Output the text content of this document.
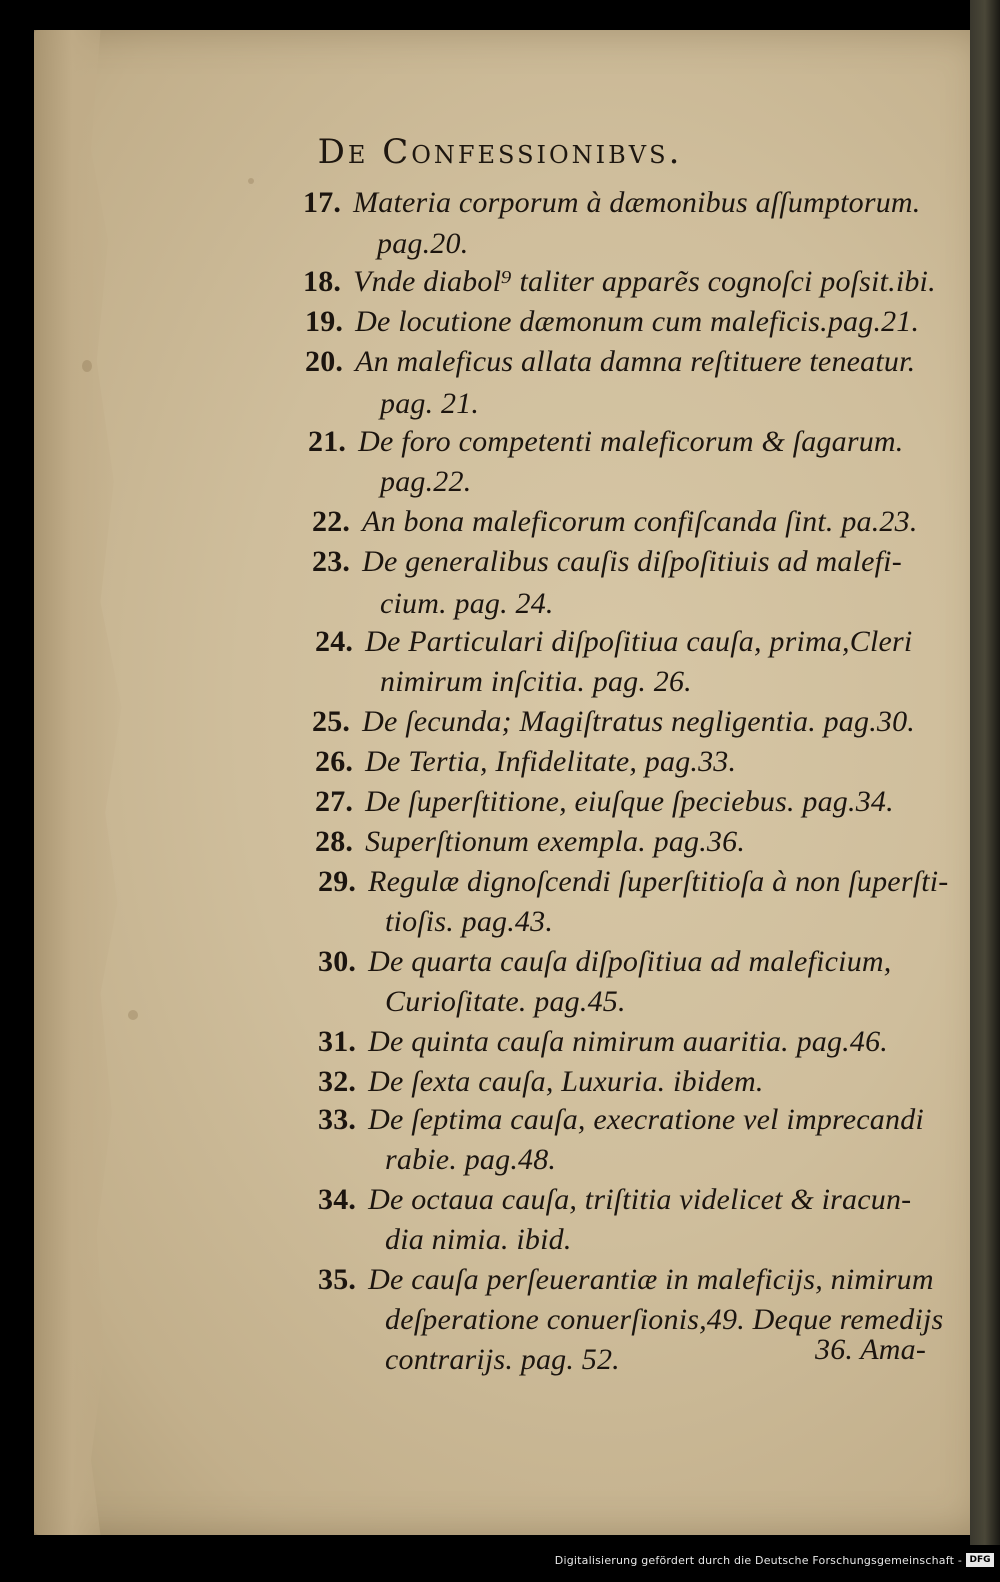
De Confessionibvs.
17. Materia corporum à dæmonibus aſſumptorum.
pag.20.
18. Vnde diabol⁹ taliter apparẽs cognoſci poſsit.ibi.
19. De locutione dæmonum cum maleficis.pag.21.
20. An maleficus allata damna reſtituere teneatur.
pag. 21.
21. De foro competenti maleficorum & ſagarum.
pag.22.
22. An bona maleficorum confiſcanda ſint. pa.23.
23. De generalibus cauſis diſpoſitiuis ad malefi-
cium. pag. 24.
24. De Particulari diſpoſitiua cauſa, prima,Cleri
nimirum inſcitia. pag. 26.
25. De ſecunda; Magiſtratus negligentia. pag.30.
26. De Tertia, Infidelitate, pag.33.
27. De ſuperſtitione, eiuſque ſpeciebus. pag.34.
28. Superſtionum exempla. pag.36.
29. Regulæ dignoſcendi ſuperſtitioſa à non ſuperſti-
tioſis. pag.43.
30. De quarta cauſa diſpoſitiua ad maleficium,
Curioſitate. pag.45.
31. De quinta cauſa nimirum auaritia. pag.46.
32. De ſexta cauſa, Luxuria. ibidem.
33. De ſeptima cauſa, execratione vel imprecandi
rabie. pag.48.
34. De octaua cauſa, triſtitia videlicet & iracun-
dia nimia. ibid.
35. De cauſa perſeuerantiæ in maleficijs, nimirum
deſperatione conuerſionis,49. Deque remedijs
contrarijs. pag. 52.	36. Ama-
Digitalisierung gefördert durch die Deutsche Forschungsgemeinschaft - DFG
